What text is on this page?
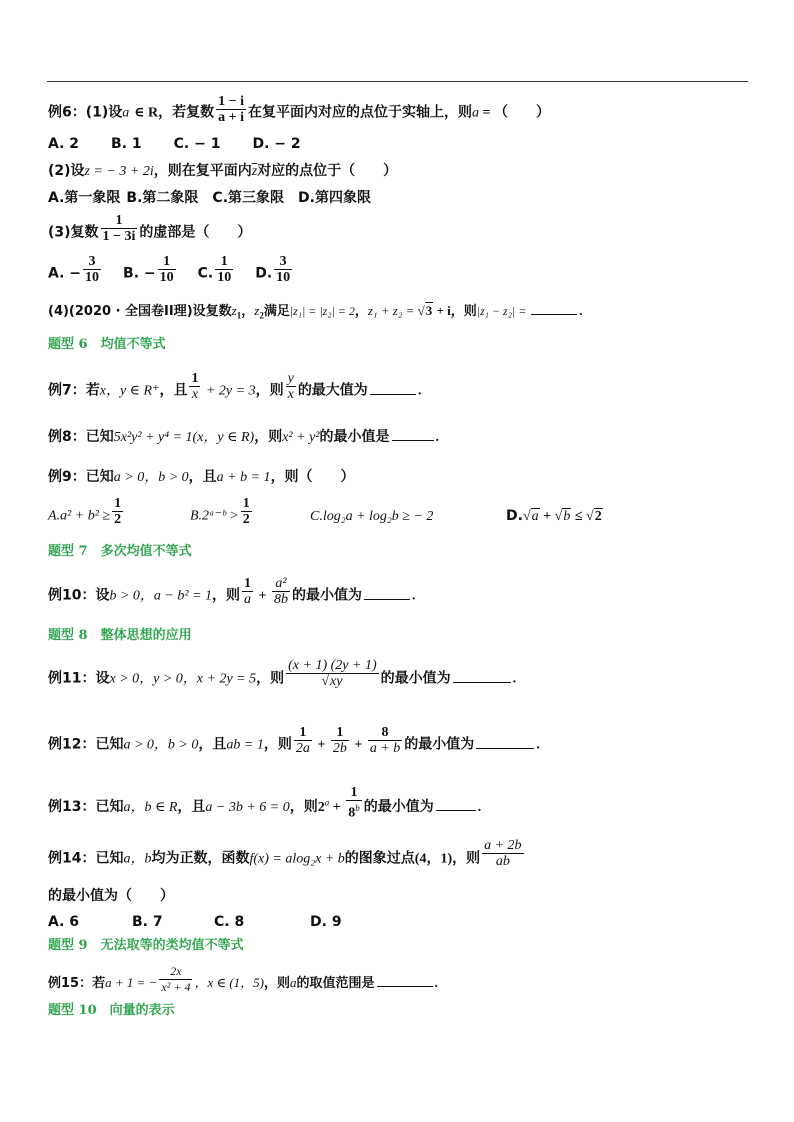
例6：(1)设a ∈ R，若复数 $\frac{1 - i}{a + i}$ 在复平面内对应的点位于实轴上，则a = （　　）
A. 2 B. 1 C. − 1 D. − 2
(2)设z = − 3 + 2i，则在复平面内$\overline{z}$对应的点位于（　　）
A.第一象限 B.第二象限 C.第三象限 D.第四象限
(3)复数 $\frac{1}{1 - 3i}$ 的虚部是（　　）
A. − $\frac{3}{10} B$. − $\frac{1}{10} C$. $\frac{1}{10} D$. $\frac{3}{10}$
(4)(2020 · 全国卷II理)设复数$z_1$，$z_2$满足|z₁| = |z₂| = 2，z₁ + z₂ = √3 + i，则|z₁ − z₂| =	.
题型 6　均值不等式
例7：若x，y ∈ R⁺，且 $\frac{1}{x} + 2y = 3$，则 $\frac{y}{x}$ 的最大值为	.
例8：已知5x²y² + y⁴ = 1(x，y ∈ R)，则x² + y²的最小值是	.
例9：已知a > 0，b > 0，且a + b = 1，则（　　）
$A.a^2 + b^2 \ge \frac{1}{2}$	B.2ᵃ⁻ᵇ > $\frac{1}{2}$	C.log₂a + log₂b ≥ − 2	D.√a + √b ≤ √2
题型 7　多次均值不等式
例10：设b > 0，a − b² = 1，则 $\frac{1}{a} + \frac{\text{a²}}{8b}$ 的最小值为	.
题型 8　整体思想的应用
例11：设x > 0，y > 0，x + 2y = 5，则 $\frac{(x + 1) (2y + 1)}{√xy}$ 的最小值为	.
例12：已知a > 0，b > 0，且ab = 1，则 $\frac{1}{2a} + \frac{1}{2b} + \frac{8}{a + b}$ 的最小值为	.
例13：已知a，b ∈ R，且a − 3b + 6 = 0，则$2^a + \frac{1}{8^b}$ 的最小值为	.
例14：已知a，b均为正数，函数f(x) = alog₂x + b的图象过点(4，1)，则 $\frac{a + 2b}{ab}$
的最小值为（　　）
A. 6	B. 7	C. 8	D. 9
题型 9　无法取等的类均值不等式
例15：若a + 1 = − $\frac{2x}{\text{x² + 4}}$ ，x ∈ (1，5)，则a的取值范围是	.
题型 10　向量的表示
